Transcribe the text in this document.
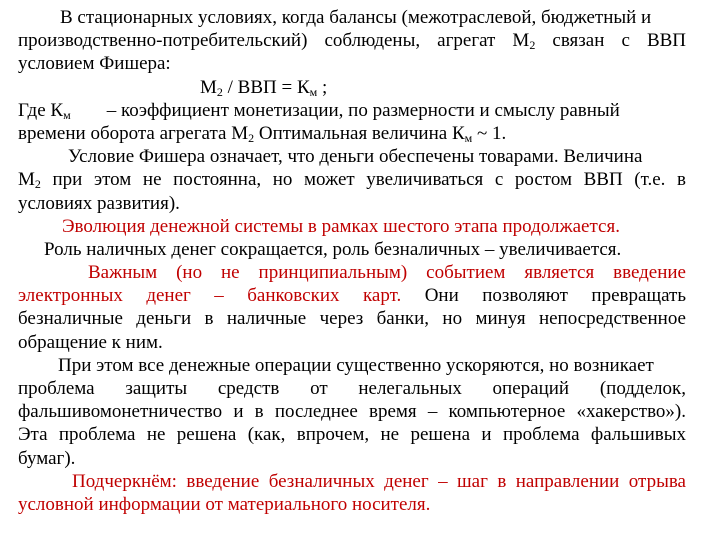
В стационарных условиях, когда балансы (межотраслевой, бюджетный и
производственно-потребительский) соблюдены, агрегат $М_2$ связан с ВВП
условием Фишера:
$М_2$ / ВВП = $К_м$ ;
Где $К_м$ – коэффициент монетизации, по размерности и смыслу равный
времени оборота агрегата $М_2$ Оптимальная величина $К_м$ ~ 1.
Условие Фишера означает, что деньги обеспечены товарами. Величина
$М_2$ при этом не постоянна, но может увеличиваться с ростом ВВП (т.е. в
условиях развития).
Эволюция денежной системы в рамках шестого этапа продолжается.
Роль наличных денег сокращается, роль безналичных – увеличивается.
Важным (но не принципиальным) событием является введение
электронных денег – банковских карт. Они позволяют превращать
безналичные деньги в наличные через банки, но минуя непосредственное
обращение к ним.
При этом все денежные операции существенно ускоряются, но возникает
проблема защиты средств от нелегальных операций (подделок,
фальшивомонетничество и в последнее время – компьютерное «хакерство»).
Эта проблема не решена (как, впрочем, не решена и проблема фальшивых
бумаг).
Подчеркнём: введение безналичных денег – шаг в направлении отрыва
условной информации от материального носителя.
